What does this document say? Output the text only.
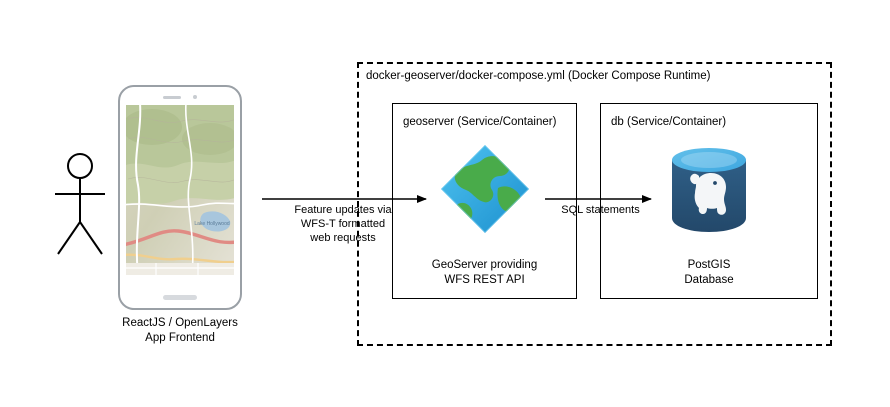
Lake Hollywood
ReactJS / OpenLayers
App Frontend
docker-geoserver/docker-compose.yml (Docker Compose Runtime)
geoserver (Service/Container)
GeoServer providing
WFS REST API
db (Service/Container)
PostGIS
Database
Feature updates via
WFS-T formatted
web requests
SQL statements
